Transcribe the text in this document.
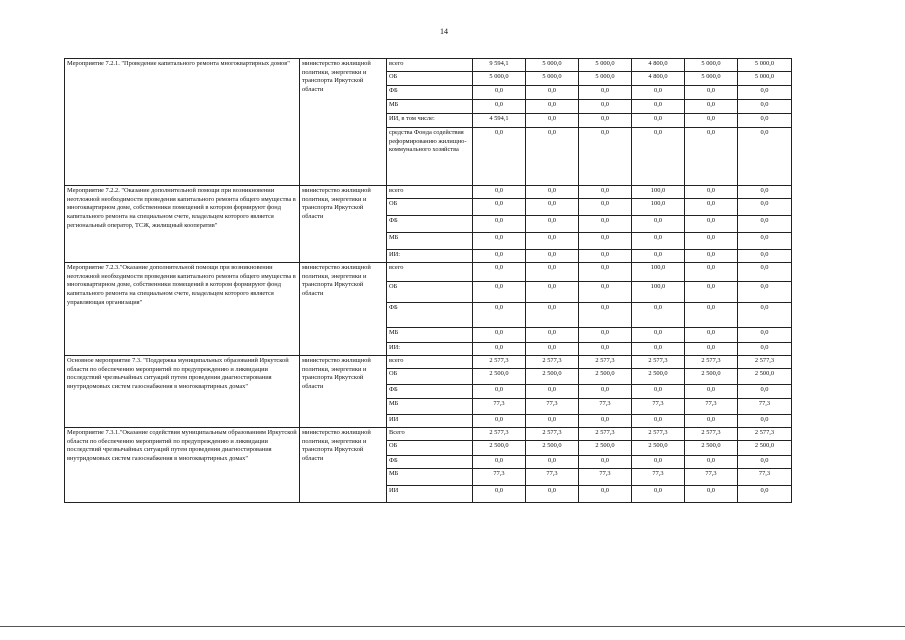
14
Мероприятие 7.2.1. "Проведение капитального ремонта многоквартирных домов"	министерство жилищной политики, энергетики и транспорта Иркутской области	всего	9 594,1	5 000,0	5 000,0	4 800,0	5 000,0	5 000,0
		ОБ	5 000,0	5 000,0	5 000,0	4 800,0	5 000,0	5 000,0
		ФБ	0,0	0,0	0,0	0,0	0,0	0,0
		МБ	0,0	0,0	0,0	0,0	0,0	0,0
		ИИ, в том числе:	4 594,1	0,0	0,0	0,0	0,0	0,0
		средства Фонда содействия реформированию жилищно-коммунального хозяйства	0,0	0,0	0,0	0,0	0,0	0,0
Мероприятие 7.2.2. "Оказание дополнительной помощи при возникновении неотложной необходимости проведения капитального ремонта общего имущества в многоквартирном доме, собственники помещений в котором формируют фонд капитального ремонта на специальном счете, владельцем которого является региональный оператор, ТСЖ, жилищный кооператив"	министерство жилищной политики, энергетики и транспорта Иркутской области	всего	0,0	0,0	0,0	100,0	0,0	0,0
		ОБ	0,0	0,0	0,0	100,0	0,0	0,0
		ФБ	0,0	0,0	0,0	0,0	0,0	0,0
		МБ	0,0	0,0	0,0	0,0	0,0	0,0
		ИИ:	0,0	0,0	0,0	0,0	0,0	0,0
Мероприятие 7.2.3."Оказание дополнительной помощи при возникновении неотложной необходимости проведения капитального ремонта общего имущества в многоквартирном доме, собственники помещений в котором формируют фонд капитального ремонта на специальном счете, владельцем которого является управляющая организация"	министерство жилищной политики, энергетики и транспорта Иркутской области	всего	0,0	0,0	0,0	100,0	0,0	0,0
		ОБ	0,0	0,0	0,0	100,0	0,0	0,0
		ФБ	0,0	0,0	0,0	0,0	0,0	0,0
		МБ	0,0	0,0	0,0	0,0	0,0	0,0
		ИИ:	0,0	0,0	0,0	0,0	0,0	0,0
Основное мероприятие 7.3. "Поддержка муниципальных образований Иркутской области по обеспечению мероприятий по предупреждению и ликвидации последствий чрезвычайных ситуаций путем проведения диагностирования внутридомовых систем газоснабжения в многоквартирных домах"	министерство жилищной политики, энергетики и транспорта Иркутской области	всего	2 577,3	2 577,3	2 577,3	2 577,3	2 577,3	2 577,3
		ОБ	2 500,0	2 500,0	2 500,0	2 500,0	2 500,0	2 500,0
		ФБ	0,0	0,0	0,0	0,0	0,0	0,0
		МБ	77,3	77,3	77,3	77,3	77,3	77,3
		ИИ	0,0	0,0	0,0	0,0	0,0	0,0
Мероприятие 7.3.1."Оказание содействия муниципальным образованиям Иркутской области по обеспечению мероприятий по предупреждению и ликвидации последствий чрезвычайных ситуаций путем проведения диагностирования внутридомовых систем газоснабжения в многоквартирных домах"	министерство жилищной политики, энергетики и транспорта Иркутской области	Всего	2 577,3	2 577,3	2 577,3	2 577,3	2 577,3	2 577,3
		ОБ	2 500,0	2 500,0	2 500,0	2 500,0	2 500,0	2 500,0
		ФБ	0,0	0,0	0,0	0,0	0,0	0,0
		МБ	77,3	77,3	77,3	77,3	77,3	77,3
		ИИ	0,0	0,0	0,0	0,0	0,0	0,0
